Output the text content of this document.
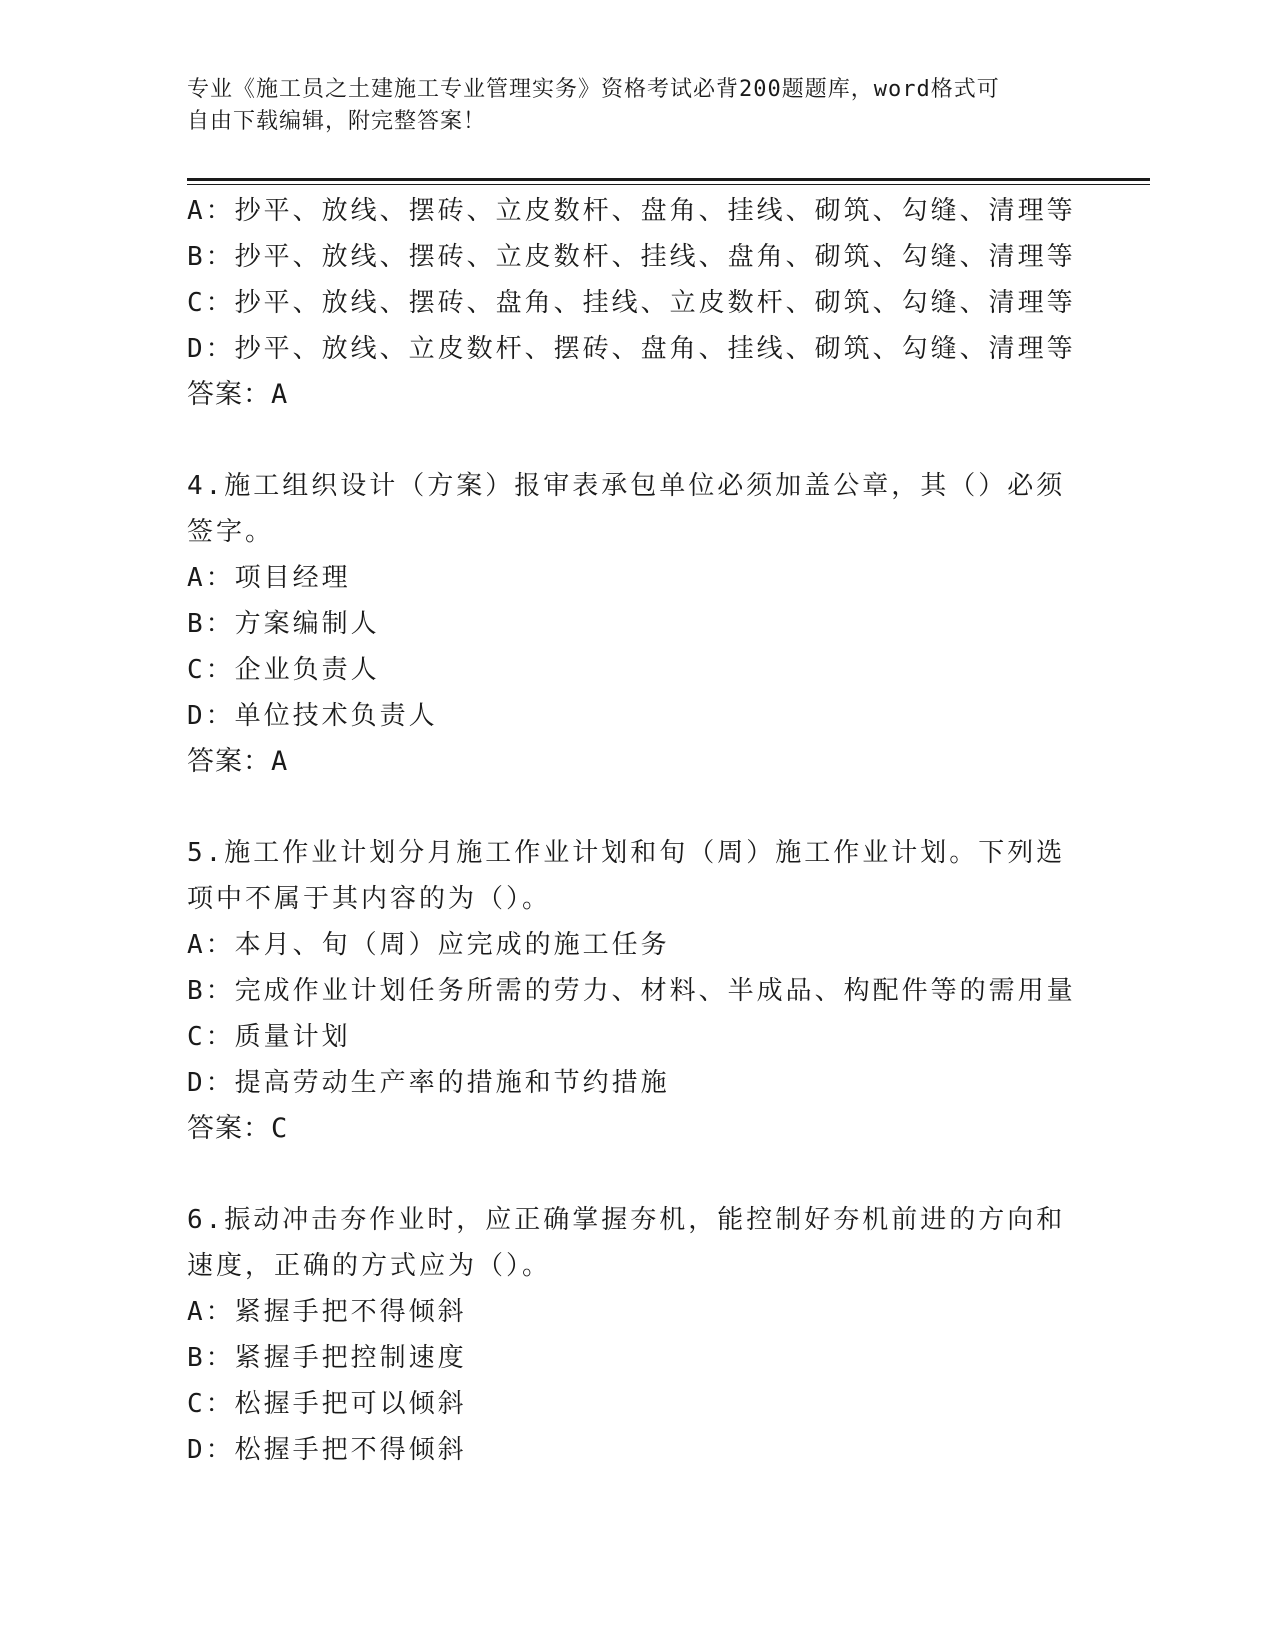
专业《施工员之土建施工专业管理实务》资格考试必背200题题库，word格式可
自由下载编辑，附完整答案！
A：抄平、放线、摆砖、立皮数杆、盘角、挂线、砌筑、勾缝、清理等
B：抄平、放线、摆砖、立皮数杆、挂线、盘角、砌筑、勾缝、清理等
C：抄平、放线、摆砖、盘角、挂线、立皮数杆、砌筑、勾缝、清理等
D：抄平、放线、立皮数杆、摆砖、盘角、挂线、砌筑、勾缝、清理等
答案：A
4.施工组织设计（方案）报审表承包单位必须加盖公章，其（）必须
签字。
A：项目经理
B：方案编制人
C：企业负责人
D：单位技术负责人
答案：A
5.施工作业计划分月施工作业计划和旬（周）施工作业计划。下列选
项中不属于其内容的为（）。
A：本月、旬（周）应完成的施工任务
B：完成作业计划任务所需的劳力、材料、半成品、构配件等的需用量
C：质量计划
D：提高劳动生产率的措施和节约措施
答案：C
6.振动冲击夯作业时，应正确掌握夯机，能控制好夯机前进的方向和
速度，正确的方式应为（）。
A：紧握手把不得倾斜
B：紧握手把控制速度
C：松握手把可以倾斜
D：松握手把不得倾斜
